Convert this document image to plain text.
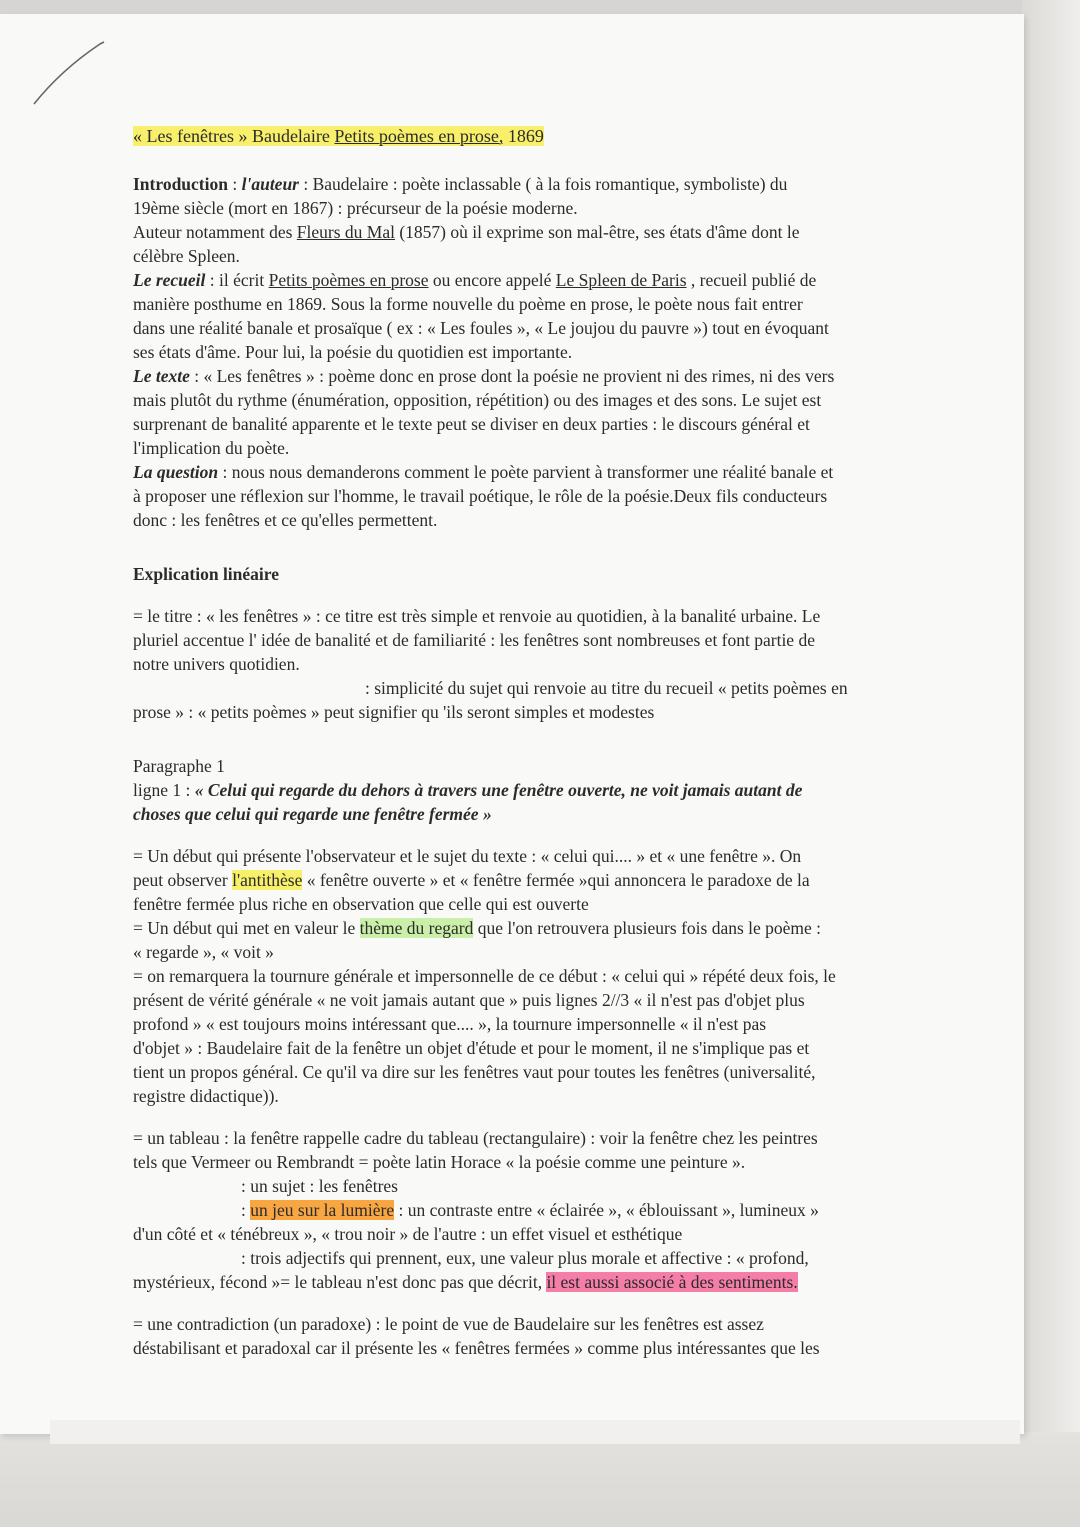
« Les fenêtres » Baudelaire Petits poèmes en prose, 1869
Introduction : l'auteur : Baudelaire : poète inclassable ( à la fois romantique, symboliste) du
19ème siècle (mort en 1867) : précurseur de la poésie moderne.
Auteur notamment des Fleurs du Mal (1857) où il exprime son mal-être, ses états d'âme dont le
célèbre Spleen.
Le recueil : il écrit Petits poèmes en prose ou encore appelé Le Spleen de Paris , recueil publié de
manière posthume en 1869. Sous la forme nouvelle du poème en prose, le poète nous fait entrer
dans une réalité banale et prosaïque ( ex : « Les foules », « Le joujou du pauvre ») tout en évoquant
ses états d'âme. Pour lui, la poésie du quotidien est importante.
Le texte : « Les fenêtres » : poème donc en prose dont la poésie ne provient ni des rimes, ni des vers
mais plutôt du rythme (énumération, opposition, répétition) ou des images et des sons. Le sujet est
surprenant de banalité apparente et le texte peut se diviser en deux parties : le discours général et
l'implication du poète.
La question : nous nous demanderons comment le poète parvient à transformer une réalité banale et
à proposer une réflexion sur l'homme, le travail poétique, le rôle de la poésie.Deux fils conducteurs
donc : les fenêtres et ce qu'elles permettent.
Explication linéaire
= le titre : « les fenêtres » : ce titre est très simple et renvoie au quotidien, à la banalité urbaine. Le
pluriel accentue l' idée de banalité et de familiarité : les fenêtres sont nombreuses et font partie de
notre univers quotidien.
: simplicité du sujet qui renvoie au titre du recueil « petits poèmes en
prose » : « petits poèmes » peut signifier qu 'ils seront simples et modestes
Paragraphe 1
ligne 1 : « Celui qui regarde du dehors à travers une fenêtre ouverte, ne voit jamais autant de
choses que celui qui regarde une fenêtre fermée »
= Un début qui présente l'observateur et le sujet du texte : « celui qui.... » et « une fenêtre ». On
peut observer l'antithèse « fenêtre ouverte » et « fenêtre fermée »qui annoncera le paradoxe de la
fenêtre fermée plus riche en observation que celle qui est ouverte
= Un début qui met en valeur le thème du regard que l'on retrouvera plusieurs fois dans le poème :
« regarde », « voit »
= on remarquera la tournure générale et impersonnelle de ce début : « celui qui » répété deux fois, le
présent de vérité générale « ne voit jamais autant que » puis lignes 2//3 « il n'est pas d'objet plus
profond » « est toujours moins intéressant que.... », la tournure impersonnelle « il n'est pas
d'objet » : Baudelaire fait de la fenêtre un objet d'étude et pour le moment, il ne s'implique pas et
tient un propos général. Ce qu'il va dire sur les fenêtres vaut pour toutes les fenêtres (universalité,
registre didactique)).
= un tableau : la fenêtre rappelle cadre du tableau (rectangulaire) : voir la fenêtre chez les peintres
tels que Vermeer ou Rembrandt = poète latin Horace « la poésie comme une peinture ».
: un sujet : les fenêtres
: un jeu sur la lumière : un contraste entre « éclairée », « éblouissant », lumineux »
d'un côté et « ténébreux », « trou noir » de l'autre : un effet visuel et esthétique
: trois adjectifs qui prennent, eux, une valeur plus morale et affective : « profond,
mystérieux, fécond »= le tableau n'est donc pas que décrit, il est aussi associé à des sentiments.
= une contradiction (un paradoxe) : le point de vue de Baudelaire sur les fenêtres est assez
déstabilisant et paradoxal car il présente les « fenêtres fermées » comme plus intéressantes que les
